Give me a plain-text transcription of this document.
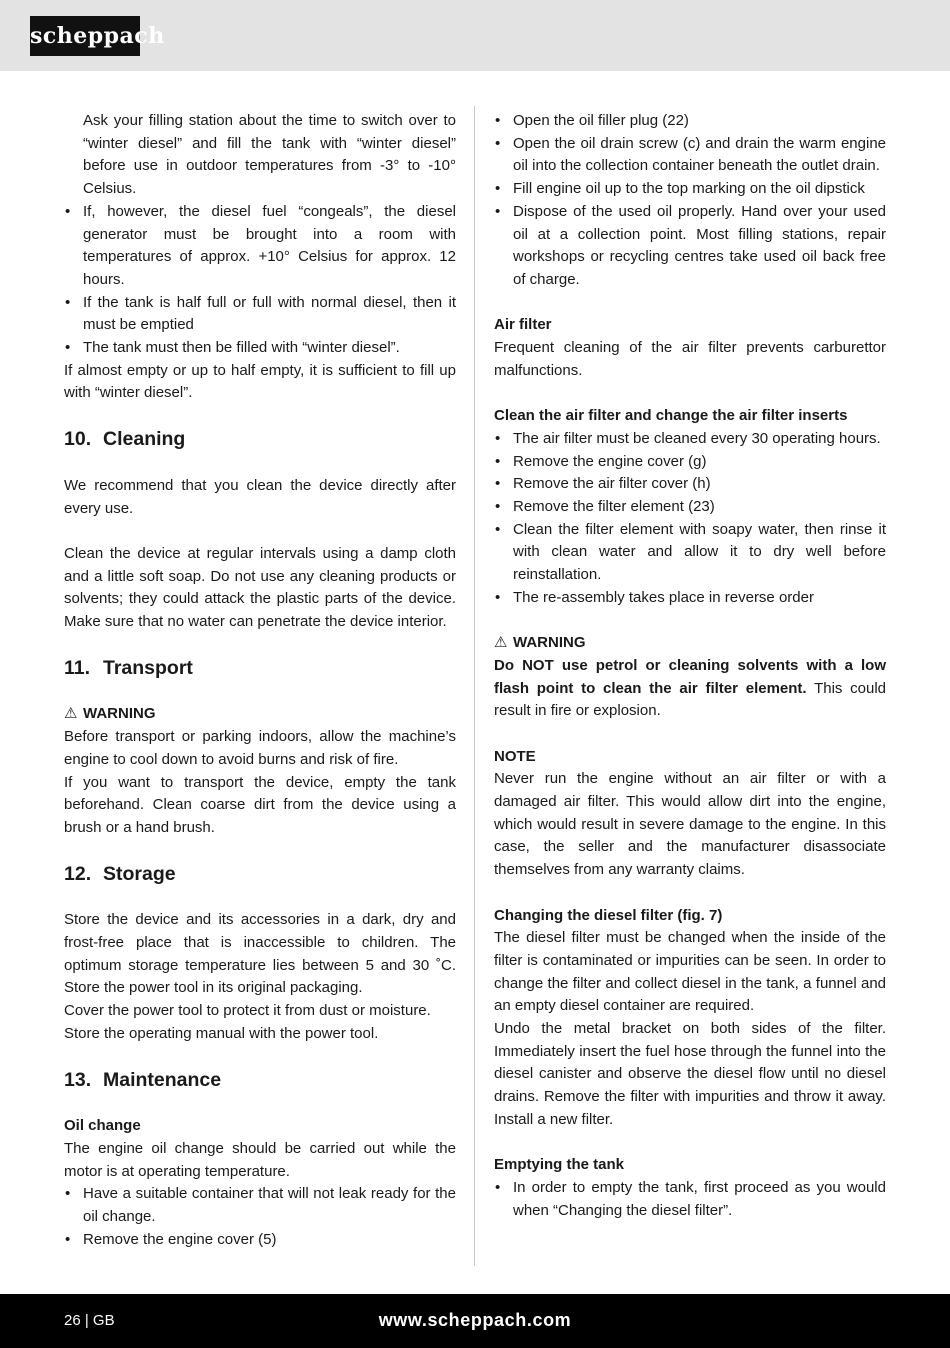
scheppach

Ask your filling station about the time to switch over to “winter diesel” and fill the tank with “winter diesel” before use in outdoor temperatures from -3° to -10° Celsius.

• If, however, the diesel fuel “congeals”, the diesel generator must be brought into a room with temperatures of approx. +10° Celsius for approx. 12 hours.
• If the tank is half full or full with normal diesel, then it must be emptied
• The tank must then be filled with “winter diesel”.

If almost empty or up to half empty, it is sufficient to fill up with “winter diesel”.

10. Cleaning

We recommend that you clean the device directly after every use.

Clean the device at regular intervals using a damp cloth and a little soft soap. Do not use any cleaning products or solvents; they could attack the plastic parts of the device. Make sure that no water can penetrate the device interior.

11. Transport

⚠ WARNING

Before transport or parking indoors, allow the machine’s engine to cool down to avoid burns and risk of fire.

If you want to transport the device, empty the tank beforehand. Clean coarse dirt from the device using a brush or a hand brush.

12. Storage

Store the device and its accessories in a dark, dry and frost-free place that is inaccessible to children. The optimum storage temperature lies between 5 and 30 ˚C. Store the power tool in its original packaging.

Cover the power tool to protect it from dust or moisture.

Store the operating manual with the power tool.

13. Maintenance

Oil change

The engine oil change should be carried out while the motor is at operating temperature.

• Have a suitable container that will not leak ready for the oil change.
• Remove the engine cover (5)
• Open the oil filler plug (22)
• Open the oil drain screw (c) and drain the warm engine oil into the collection container beneath the outlet drain.
• Fill engine oil up to the top marking on the oil dipstick
• Dispose of the used oil properly. Hand over your used oil at a collection point. Most filling stations, repair workshops or recycling centres take used oil back free of charge.

Air filter

Frequent cleaning of the air filter prevents carburettor malfunctions.

Clean the air filter and change the air filter inserts

• The air filter must be cleaned every 30 operating hours.
• Remove the engine cover (g)
• Remove the air filter cover (h)
• Remove the filter element (23)
• Clean the filter element with soapy water, then rinse it with clean water and allow it to dry well before reinstallation.
• The re-assembly takes place in reverse order

⚠ WARNING

Do NOT use petrol or cleaning solvents with a low flash point to clean the air filter element. This could result in fire or explosion.

NOTE

Never run the engine without an air filter or with a damaged air filter. This would allow dirt into the engine, which would result in severe damage to the engine. In this case, the seller and the manufacturer disassociate themselves from any warranty claims.

Changing the diesel filter (fig. 7)

The diesel filter must be changed when the inside of the filter is contaminated or impurities can be seen. In order to change the filter and collect diesel in the tank, a funnel and an empty diesel container are required.

Undo the metal bracket on both sides of the filter. Immediately insert the fuel hose through the funnel into the diesel canister and observe the diesel flow until no diesel drains. Remove the filter with impurities and throw it away. Install a new filter.

Emptying the tank

• In order to empty the tank, first proceed as you would when “Changing the diesel filter”.
26 | GB	www.scheppach.com
